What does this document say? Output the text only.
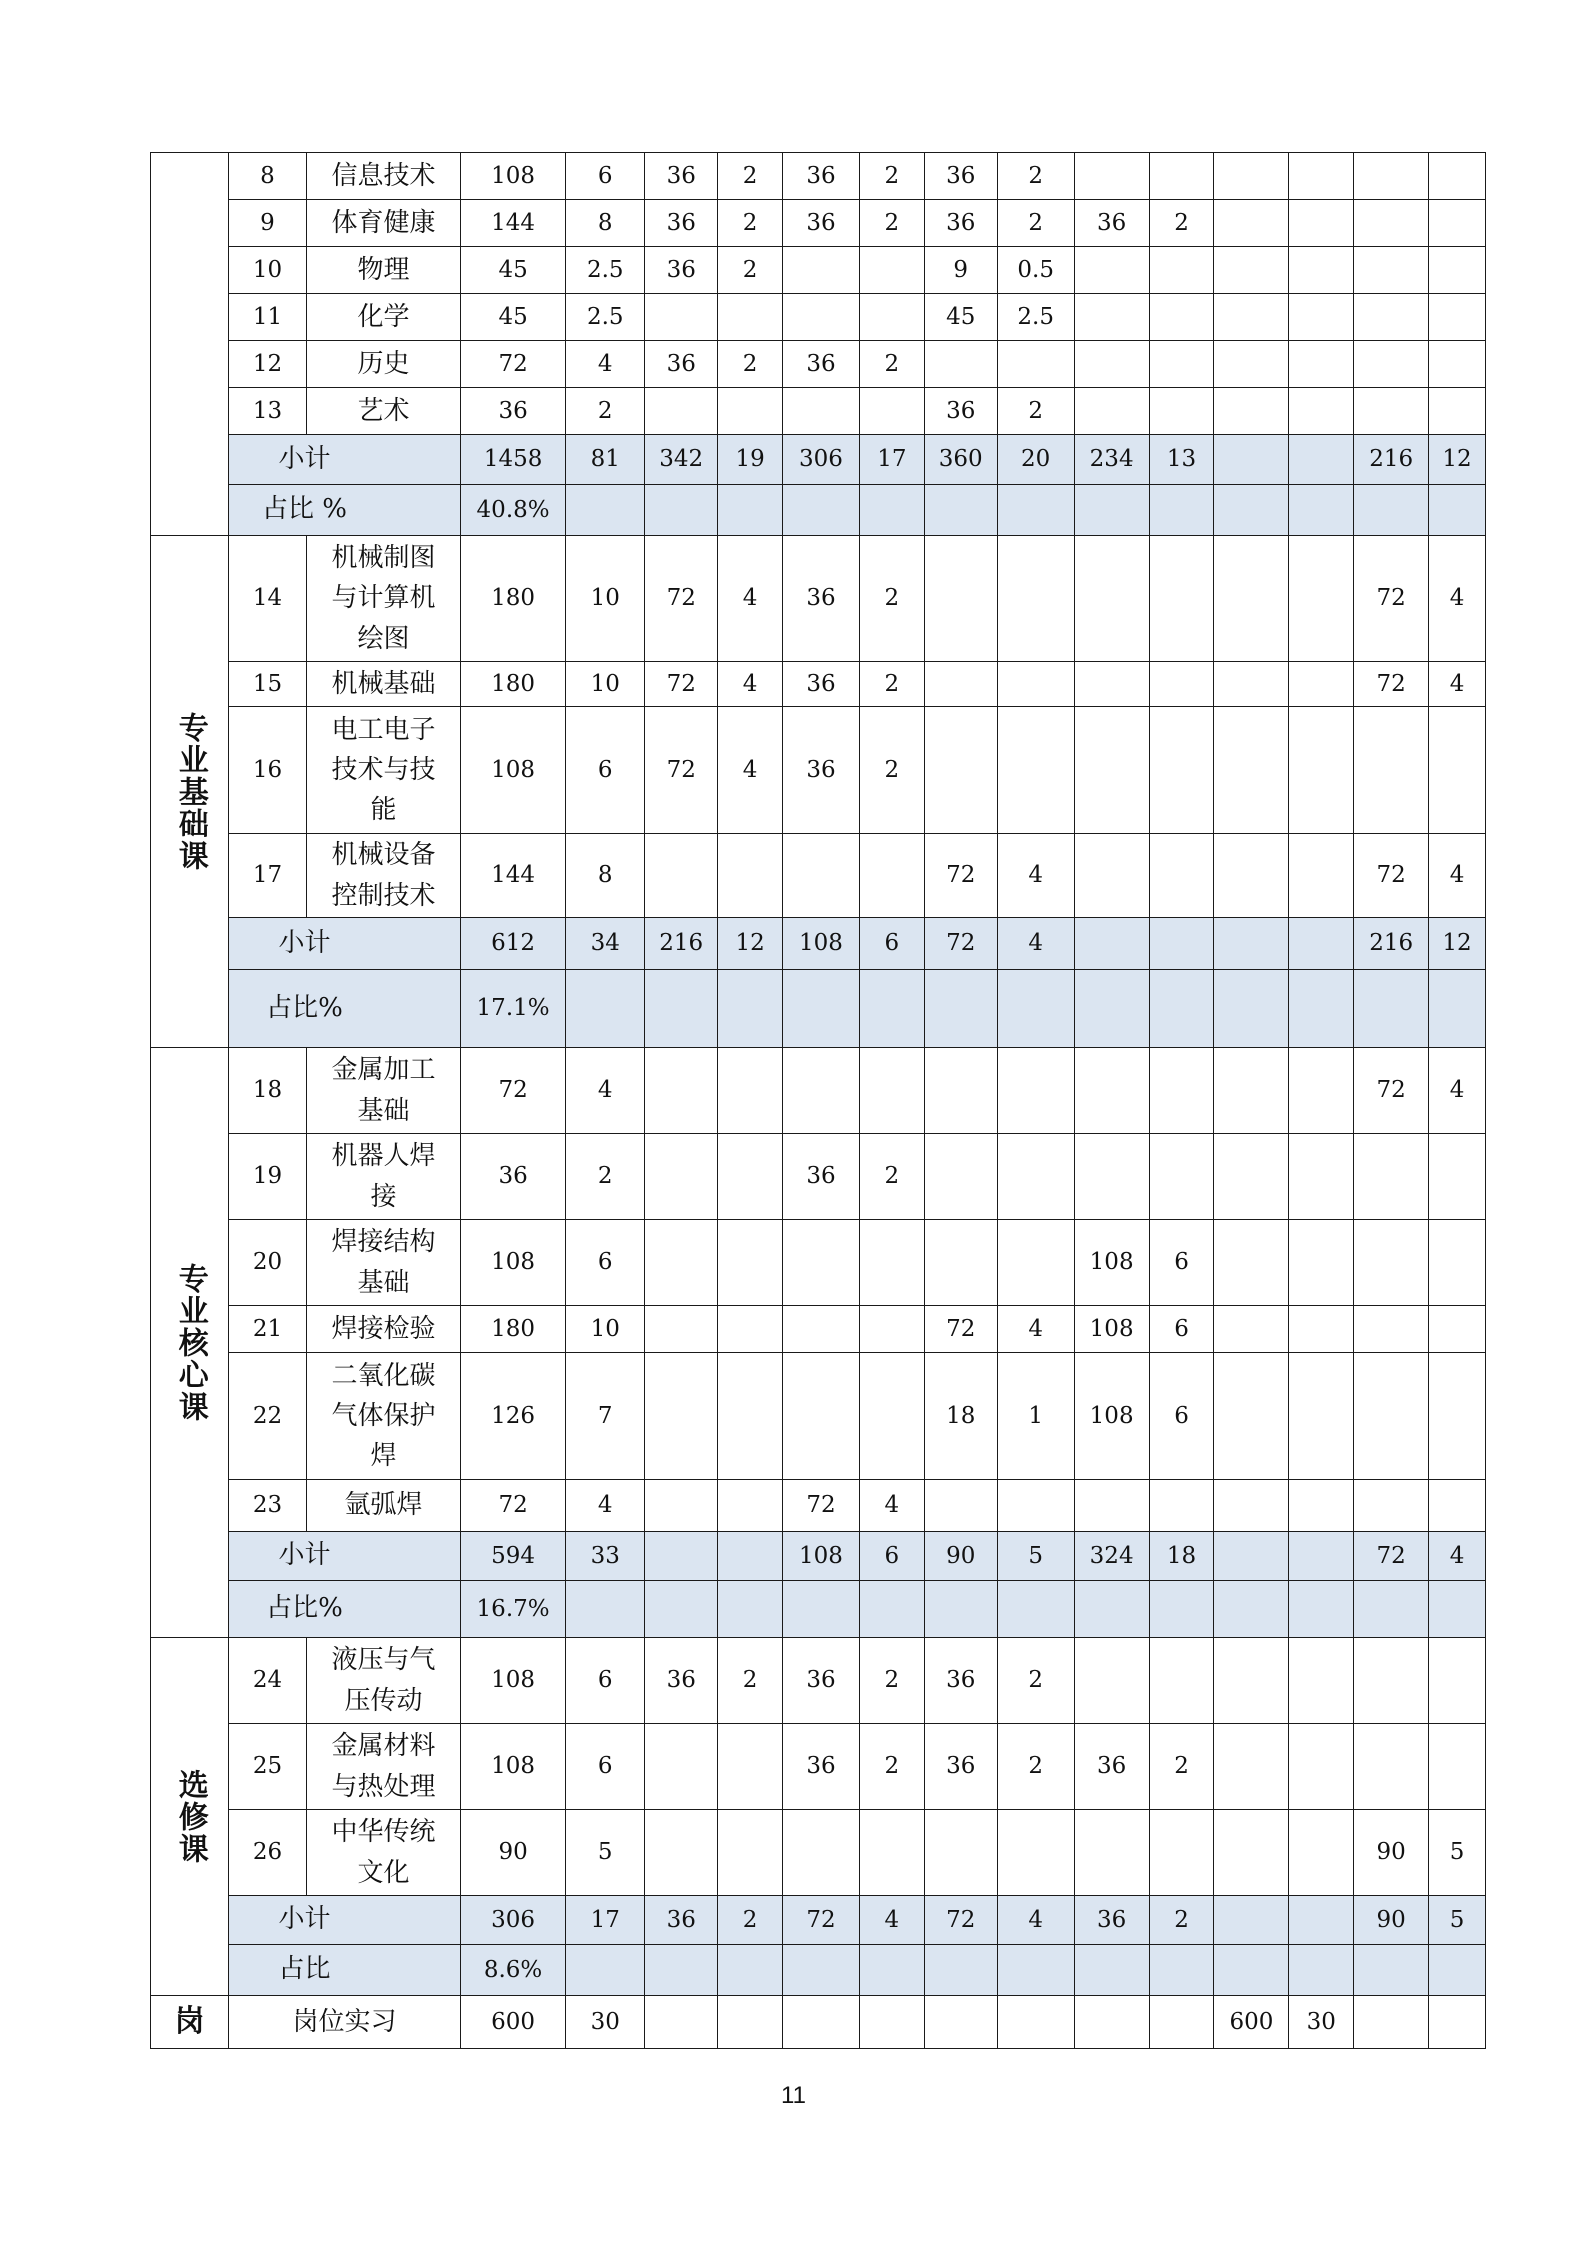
	8	信息技术	108	6	36	2	36	2	36	2						
	9	体育健康	144	8	36	2	36	2	36	2	36	2				
	10	物理	45	2.5	36	2			9	0.5						
	11	化学	45	2.5					45	2.5						
	12	历史	72	4	36	2	36	2								
	13	艺术	36	2					36	2						
	小计		1458	81	342	19	306	17	360	20	234	13			216	12
	占比 %		40.8%													
专业基础课	14	机械制图与计算机绘图	180	10	72	4	36	2							72	4
	15	机械基础	180	10	72	4	36	2							72	4
	16	电工电子技术与技能	108	6	72	4	36	2								
	17	机械设备控制技术	144	8					72	4					72	4
	小计		612	34	216	12	108	6	72	4					216	12
	占比%		17.1%													
专业核心课	18	金属加工基础	72	4											72	4
	19	机器人焊接	36	2			36	2								
	20	焊接结构基础	108	6							108	6				
	21	焊接检验	180	10					72	4	108	6				
	22	二氧化碳气体保护焊	126	7					18	1	108	6				
	23	氩弧焊	72	4			72	4								
	小计		594	33			108	6	90	5	324	18			72	4
	占比%		16.7%													
选修课	24	液压与气压传动	108	6	36	2	36	2	36	2						
	25	金属材料与热处理	108	6			36	2	36	2	36	2				
	26	中华传统文化	90	5											90	5
	小计		306	17	36	2	72	4	72	4	36	2			90	5
	占比		8.6%													
岗	岗位实习		600	30									600	30		
11
